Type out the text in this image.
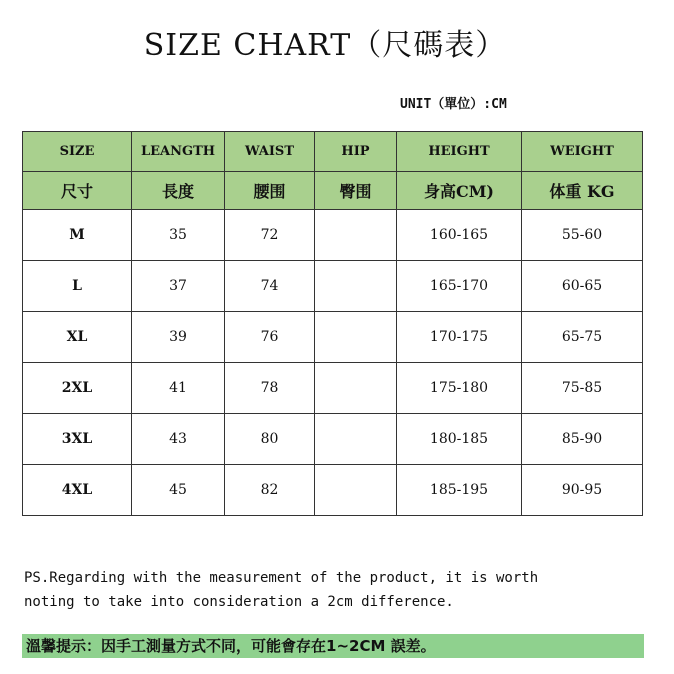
SIZE CHART（尺碼表）
UNIT（單位）:CM
SIZE	LEANGTH	WAIST	HIP	HEIGHT	WEIGHT
尺寸	長度	腰围	臀围	身高CM)	体重 KG
M	35	72		160-165	55-60
L	37	74		165-170	60-65
XL	39	76		170-175	65-75
2XL	41	78		175-180	75-85
3XL	43	80		180-185	85-90
4XL	45	82		185-195	90-95
PS.Regarding with the measurement of the product, it is worth
noting to take into consideration a 2cm difference.
溫馨提示：因手工測量方式不同，可能會存在1~2CM 誤差。
